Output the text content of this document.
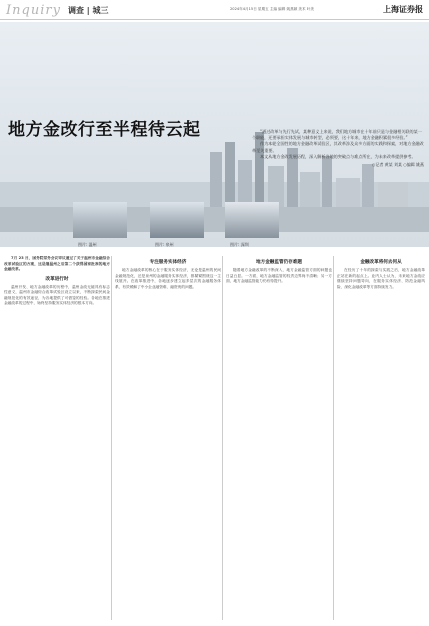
Inquiry 调查 | 城三	2024年4月15日 星期五 主编 编辑 姚燕颖 美术 叶美	上海证券报
地方金改行至半程待云起	“通过改革与先行先试，某种意义上来说，我们地方城市在十年前只是与金融相关联的某一个职能，还要承担实体发展与城市转型，必须要，这十年来，地方金融积累很多经验。”

作为本轮全国性的地方金融改革试验区，其改革涉及众多方面的实践和探索，对地方金融改革至关重要。

本文从地方金改发展历程，深入解析各地的突破点与难点所在，为未来改革提供参考。

○记者 黄某 刘某 ○编辑 姚燕
图片: 温州	图片: 泉州	图片: 深圳

7月 23 日，国务院常务会议审议通过了关于温州市金融综合改革试验区的方案，这是继温州之后第二个获得国家批准的地方金融改革。

改革进行时

温州开发、地方金融改革的历程中，温州金改无疑具有标志性意义，温州市金融综合改革试验区设立以来，不断探索民间金融规范化的有效途径，为各地提供了可借鉴的经验。各地在推进金融改革的过程中，始终坚持服务实体经济的根本方向。

专注服务实体经济

地方金融改革的核心在于服务实体经济，无论是温州的民间金融规范化，还是泉州的金融服务实体经济，都紧紧围绕这一主线展开。在改革推进中，各地逐步建立起多层次的金融服务体系，有效缓解了中小企业融资难、融资贵的问题。

地方金融监管仍存难题

随着地方金融改革的不断深入，地方金融监管方面的问题也日益凸显。一方面，地方金融监管的权责边界尚不清晰；另一方面，地方金融监管能力仍有待提升。

金融改革将何去何从

在经历了十年的探索与实践之后，地方金融改革正站在新的起点上。业内人士认为，未来地方金改应继续坚持问题导向，在服务实体经济、防范金融风险、深化金融改革等方面持续发力。
